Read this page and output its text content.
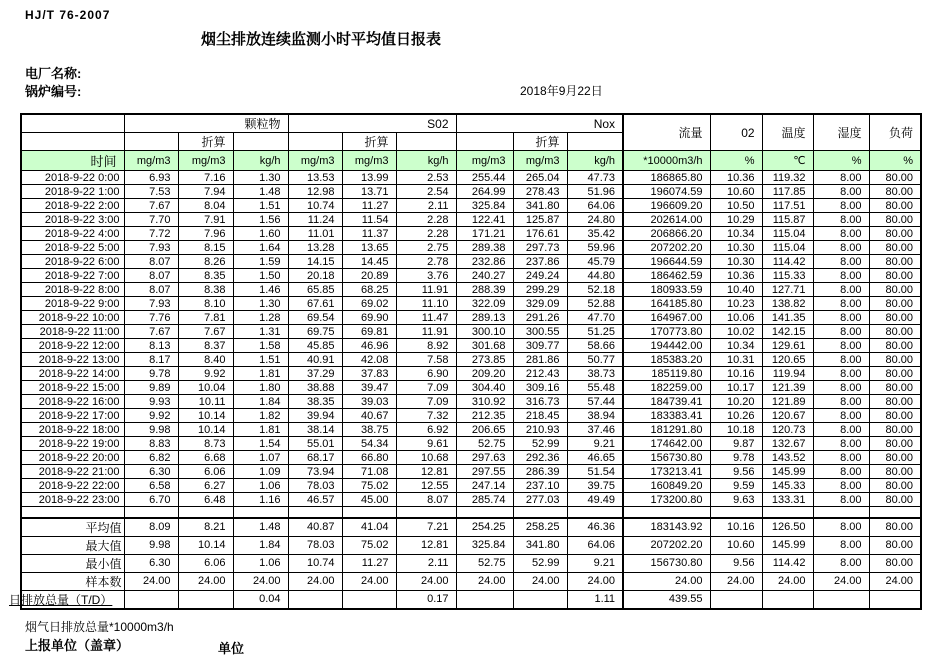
HJ/T 76-2007
烟尘排放连续监测小时平均值日报表
电厂名称:
锅炉编号:	2018年9月22日
	颗粒物			S02			Nox			流量	02	温度	湿度	负荷
		折算			折算			折算						
时间	mg/m3	mg/m3	kg/h	mg/m3	mg/m3	kg/h	mg/m3	mg/m3	kg/h	*10000m3/h	%	℃	%	%
2018-9-22 0:00	6.93	7.16	1.30	13.53	13.99	2.53	255.44	265.04	47.73	186865.80	10.36	119.32	8.00	80.00
2018-9-22 1:00	7.53	7.94	1.48	12.98	13.71	2.54	264.99	278.43	51.96	196074.59	10.60	117.85	8.00	80.00
2018-9-22 2:00	7.67	8.04	1.51	10.74	11.27	2.11	325.84	341.80	64.06	196609.20	10.50	117.51	8.00	80.00
2018-9-22 3:00	7.70	7.91	1.56	11.24	11.54	2.28	122.41	125.87	24.80	202614.00	10.29	115.87	8.00	80.00
2018-9-22 4:00	7.72	7.96	1.60	11.01	11.37	2.28	171.21	176.61	35.42	206866.20	10.34	115.04	8.00	80.00
2018-9-22 5:00	7.93	8.15	1.64	13.28	13.65	2.75	289.38	297.73	59.96	207202.20	10.30	115.04	8.00	80.00
2018-9-22 6:00	8.07	8.26	1.59	14.15	14.45	2.78	232.86	237.86	45.79	196644.59	10.30	114.42	8.00	80.00
2018-9-22 7:00	8.07	8.35	1.50	20.18	20.89	3.76	240.27	249.24	44.80	186462.59	10.36	115.33	8.00	80.00
2018-9-22 8:00	8.07	8.38	1.46	65.85	68.25	11.91	288.39	299.29	52.18	180933.59	10.40	127.71	8.00	80.00
2018-9-22 9:00	7.93	8.10	1.30	67.61	69.02	11.10	322.09	329.09	52.88	164185.80	10.23	138.82	8.00	80.00
2018-9-22 10:00	7.76	7.81	1.28	69.54	69.90	11.47	289.13	291.26	47.70	164967.00	10.06	141.35	8.00	80.00
2018-9-22 11:00	7.67	7.67	1.31	69.75	69.81	11.91	300.10	300.55	51.25	170773.80	10.02	142.15	8.00	80.00
2018-9-22 12:00	8.13	8.37	1.58	45.85	46.96	8.92	301.68	309.77	58.66	194442.00	10.34	129.61	8.00	80.00
2018-9-22 13:00	8.17	8.40	1.51	40.91	42.08	7.58	273.85	281.86	50.77	185383.20	10.31	120.65	8.00	80.00
2018-9-22 14:00	9.78	9.92	1.81	37.29	37.83	6.90	209.20	212.43	38.73	185119.80	10.16	119.94	8.00	80.00
2018-9-22 15:00	9.89	10.04	1.80	38.88	39.47	7.09	304.40	309.16	55.48	182259.00	10.17	121.39	8.00	80.00
2018-9-22 16:00	9.93	10.11	1.84	38.35	39.03	7.09	310.92	316.73	57.44	184739.41	10.20	121.89	8.00	80.00
2018-9-22 17:00	9.92	10.14	1.82	39.94	40.67	7.32	212.35	218.45	38.94	183383.41	10.26	120.67	8.00	80.00
2018-9-22 18:00	9.98	10.14	1.81	38.14	38.75	6.92	206.65	210.93	37.46	181291.80	10.18	120.73	8.00	80.00
2018-9-22 19:00	8.83	8.73	1.54	55.01	54.34	9.61	52.75	52.99	9.21	174642.00	9.87	132.67	8.00	80.00
2018-9-22 20:00	6.82	6.68	1.07	68.17	66.80	10.68	297.63	292.36	46.65	156730.80	9.78	143.52	8.00	80.00
2018-9-22 21:00	6.30	6.06	1.09	73.94	71.08	12.81	297.55	286.39	51.54	173213.41	9.56	145.99	8.00	80.00
2018-9-22 22:00	6.58	6.27	1.06	78.03	75.02	12.55	247.14	237.10	39.75	160849.20	9.59	145.33	8.00	80.00
2018-9-22 23:00	6.70	6.48	1.16	46.57	45.00	8.07	285.74	277.03	49.49	173200.80	9.63	133.31	8.00	80.00

平均值	8.09	8.21	1.48	40.87	41.04	7.21	254.25	258.25	46.36	183143.92	10.16	126.50	8.00	80.00
最大值	9.98	10.14	1.84	78.03	75.02	12.81	325.84	341.80	64.06	207202.20	10.60	145.99	8.00	80.00
最小值	6.30	6.06	1.06	10.74	11.27	2.11	52.75	52.99	9.21	156730.80	9.56	114.42	8.00	80.00
样本数	24.00	24.00	24.00	24.00	24.00	24.00	24.00	24.00	24.00	24.00	24.00	24.00	24.00	24.00
日排放总量（T/D）			0.04			0.17			1.11	439.55				
烟气日排放总量*10000m3/h
上报单位（盖章）	单位
